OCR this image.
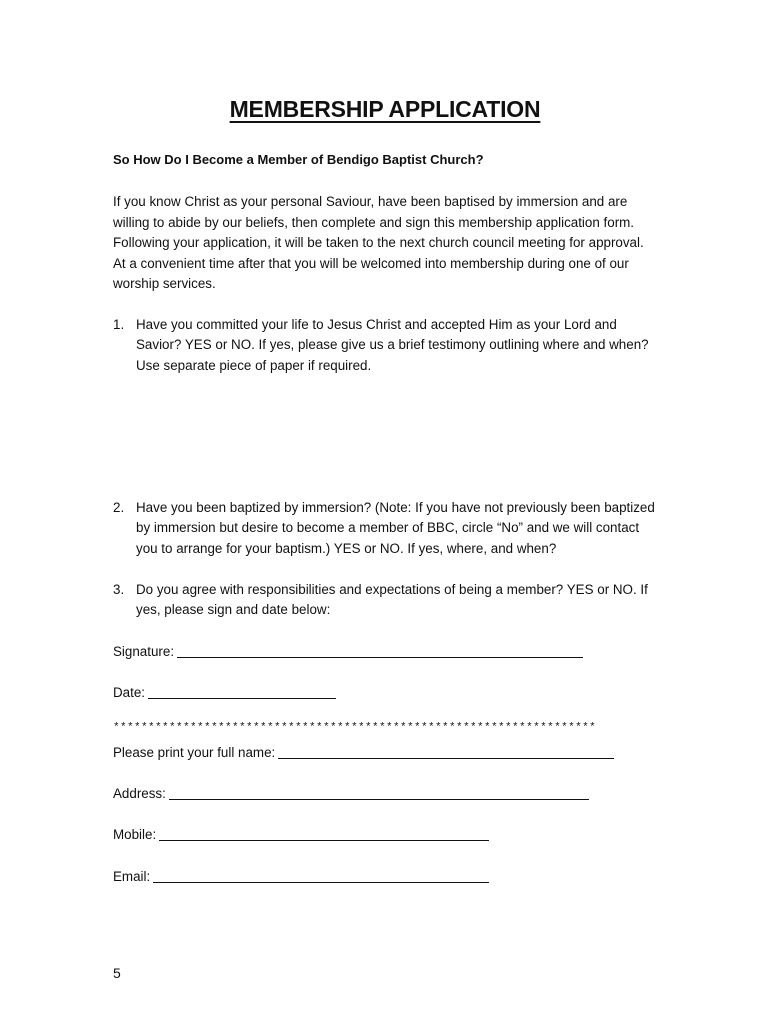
MEMBERSHIP APPLICATION
So How Do I Become a Member of Bendigo Baptist Church?
If you know Christ as your personal Saviour, have been baptised by immersion and are willing to abide by our beliefs, then complete and sign this membership application form. Following your application, it will be taken to the next church council meeting for approval. At a convenient time after that you will be welcomed into membership during one of our worship services.
1. Have you committed your life to Jesus Christ and accepted Him as your Lord and Savior? YES or NO. If yes, please give us a brief testimony outlining where and when? Use separate piece of paper if required.
2. Have you been baptized by immersion? (Note: If you have not previously been baptized by immersion but desire to become a member of BBC, circle “No” and we will contact you to arrange for your baptism.) YES or NO. If yes, where, and when?
3. Do you agree with responsibilities and expectations of being a member? YES or NO. If yes, please sign and date below:
Signature:
Date:
*********************************************************************
Please print your full name:
Address:
Mobile:
Email:
5
